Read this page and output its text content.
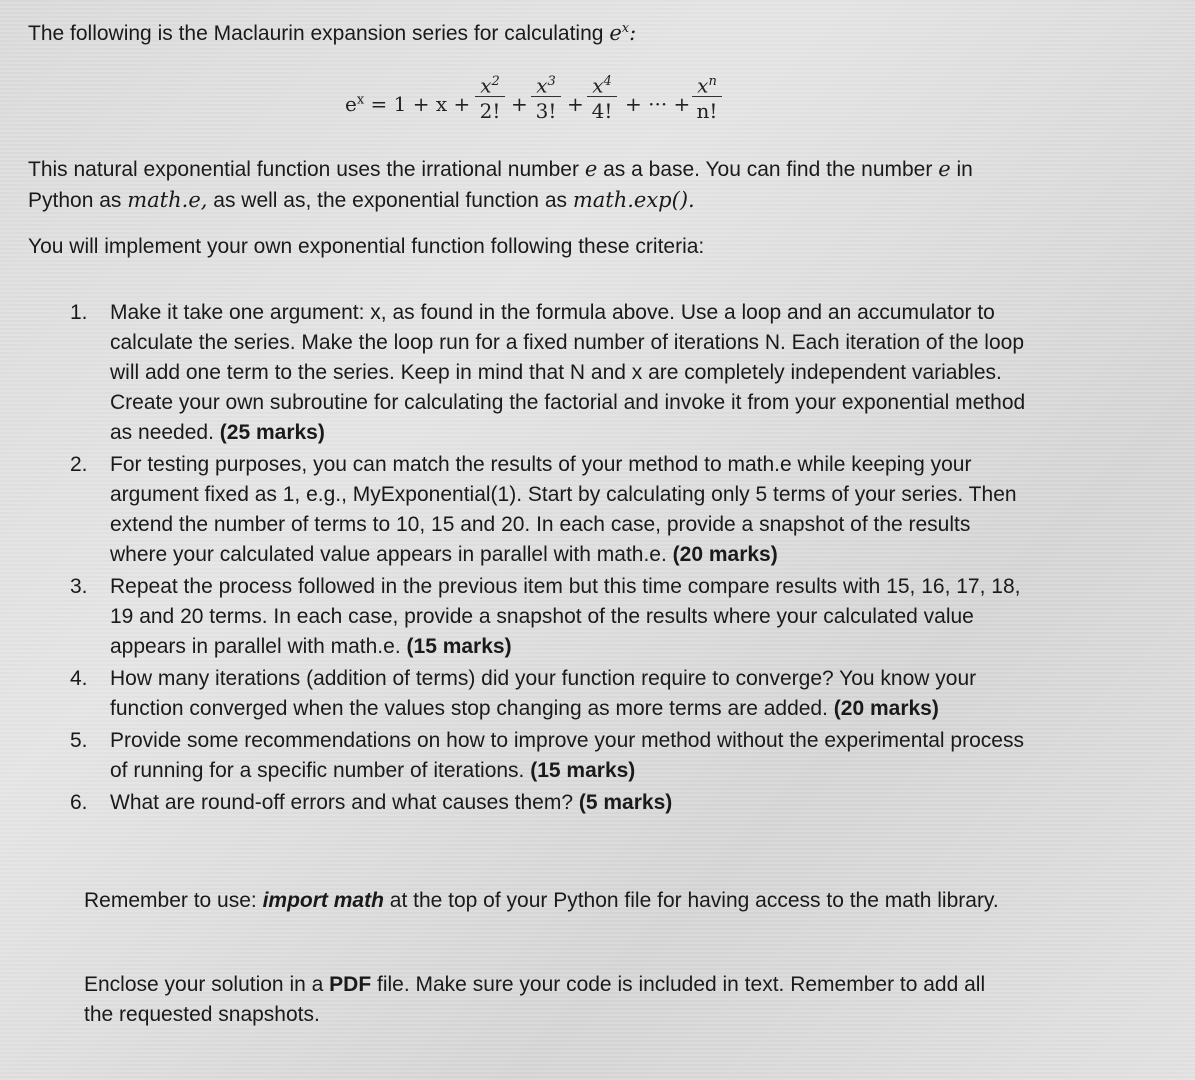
The following is the Maclaurin expansion series for calculating $e^x$:
$e^x = 1 + x$ +
$x^2$
2! +
$x^3$
3! +
$x^4$
4! + ··· +
$x^n$
n!
This natural exponential function uses the irrational number e as a base. You can find the number e in Python as math.e, as well as, the exponential function as math.exp().
You will implement your own exponential function following these criteria:
1. Make it take one argument: x, as found in the formula above. Use a loop and an accumulator to calculate the series. Make the loop run for a fixed number of iterations N. Each iteration of the loop will add one term to the series. Keep in mind that N and x are completely independent variables. Create your own subroutine for calculating the factorial and invoke it from your exponential method as needed. (25 marks)
2. For testing purposes, you can match the results of your method to math.e while keeping your argument fixed as 1, e.g., MyExponential(1). Start by calculating only 5 terms of your series. Then extend the number of terms to 10, 15 and 20. In each case, provide a snapshot of the results where your calculated value appears in parallel with math.e. (20 marks)
3. Repeat the process followed in the previous item but this time compare results with 15, 16, 17, 18, 19 and 20 terms. In each case, provide a snapshot of the results where your calculated value appears in parallel with math.e. (15 marks)
4. How many iterations (addition of terms) did your function require to converge? You know your function converged when the values stop changing as more terms are added. (20 marks)
5. Provide some recommendations on how to improve your method without the experimental process of running for a specific number of iterations. (15 marks)
6. What are round-off errors and what causes them? (5 marks)
Remember to use: import math at the top of your Python file for having access to the math library.
Enclose your solution in a PDF file. Make sure your code is included in text. Remember to add all the requested snapshots.
